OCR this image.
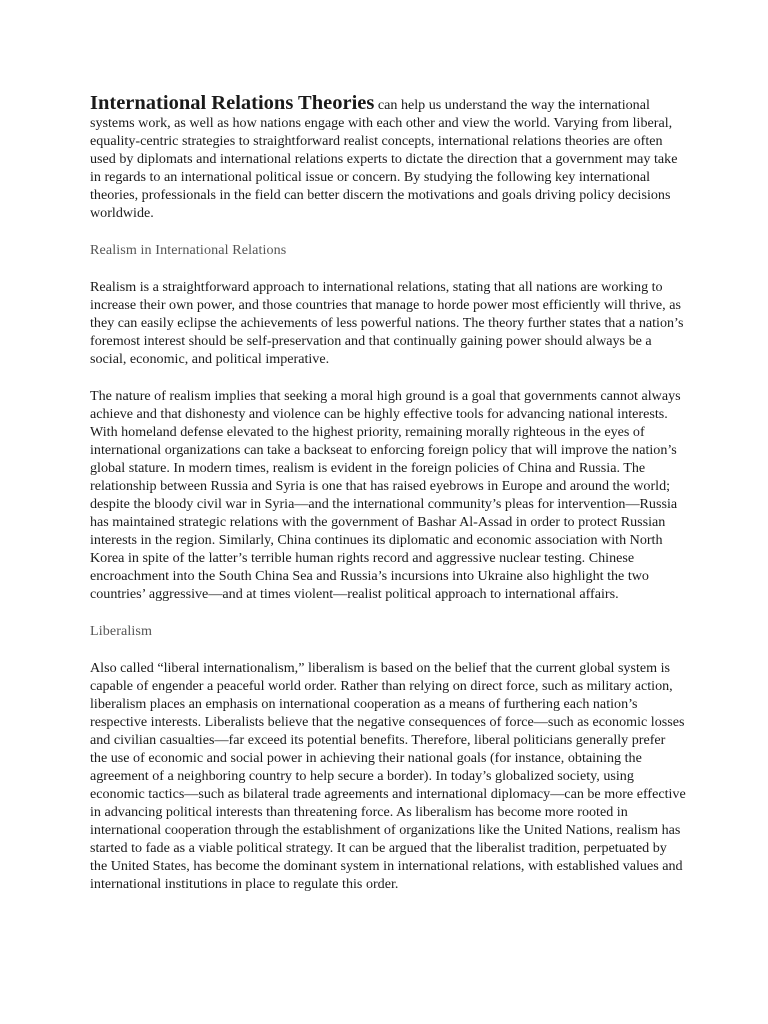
International Relations Theories can help us understand the way the international systems work, as well as how nations engage with each other and view the world. Varying from liberal, equality-centric strategies to straightforward realist concepts, international relations theories are often used by diplomats and international relations experts to dictate the direction that a government may take in regards to an international political issue or concern. By studying the following key international theories, professionals in the field can better discern the motivations and goals driving policy decisions worldwide.

Realism in International Relations

Realism is a straightforward approach to international relations, stating that all nations are working to increase their own power, and those countries that manage to horde power most efficiently will thrive, as they can easily eclipse the achievements of less powerful nations. The theory further states that a nation’s foremost interest should be self-preservation and that continually gaining power should always be a social, economic, and political imperative.

The nature of realism implies that seeking a moral high ground is a goal that governments cannot always achieve and that dishonesty and violence can be highly effective tools for advancing national interests. With homeland defense elevated to the highest priority, remaining morally righteous in the eyes of international organizations can take a backseat to enforcing foreign policy that will improve the nation’s global stature. In modern times, realism is evident in the foreign policies of China and Russia. The relationship between Russia and Syria is one that has raised eyebrows in Europe and around the world; despite the bloody civil war in Syria—and the international community’s pleas for intervention—Russia has maintained strategic relations with the government of Bashar Al-Assad in order to protect Russian interests in the region. Similarly, China continues its diplomatic and economic association with North Korea in spite of the latter’s terrible human rights record and aggressive nuclear testing. Chinese encroachment into the South China Sea and Russia’s incursions into Ukraine also highlight the two countries’ aggressive—and at times violent—realist political approach to international affairs.

Liberalism

Also called “liberal internationalism,” liberalism is based on the belief that the current global system is capable of engender a peaceful world order. Rather than relying on direct force, such as military action, liberalism places an emphasis on international cooperation as a means of furthering each nation’s respective interests. Liberalists believe that the negative consequences of force—such as economic losses and civilian casualties—far exceed its potential benefits. Therefore, liberal politicians generally prefer the use of economic and social power in achieving their national goals (for instance, obtaining the agreement of a neighboring country to help secure a border). In today’s globalized society, using economic tactics—such as bilateral trade agreements and international diplomacy—can be more effective in advancing political interests than threatening force. As liberalism has become more rooted in international cooperation through the establishment of organizations like the United Nations, realism has started to fade as a viable political strategy. It can be argued that the liberalist tradition, perpetuated by the United States, has become the dominant system in international relations, with established values and international institutions in place to regulate this order.
